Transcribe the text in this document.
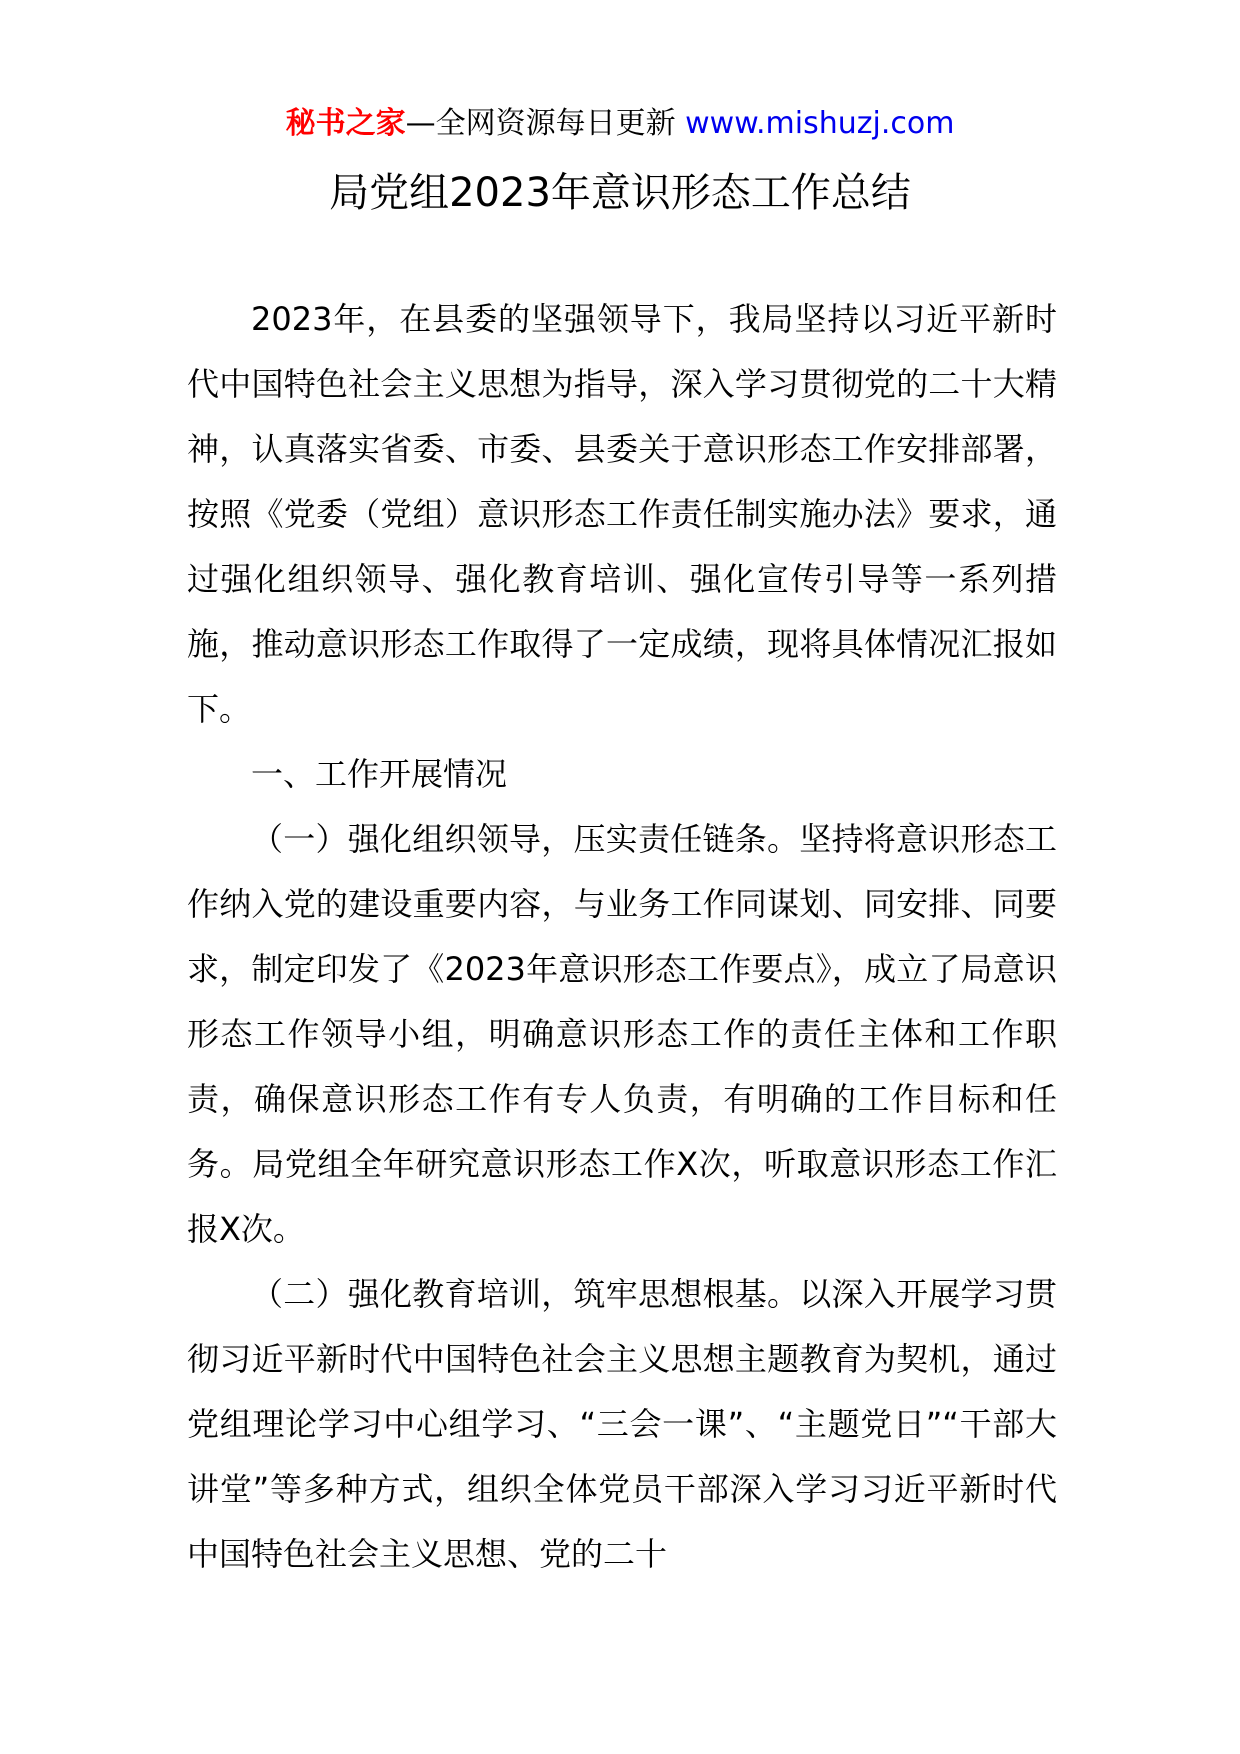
秘书之家—全网资源每日更新 www.mishuzj.com
局党组2023年意识形态工作总结

2023年，在县委的坚强领导下，我局坚持以习近平新时代中国特色社会主义思想为指导，深入学习贯彻党的二十大精神，认真落实省委、市委、县委关于意识形态工作安排部署，按照《党委（党组）意识形态工作责任制实施办法》要求，通过强化组织领导、强化教育培训、强化宣传引导等一系列措施，推动意识形态工作取得了一定成绩，现将具体情况汇报如下。

一、工作开展情况

（一）强化组织领导，压实责任链条。坚持将意识形态工作纳入党的建设重要内容，与业务工作同谋划、同安排、同要求，制定印发了《2023年意识形态工作要点》，成立了局意识形态工作领导小组，明确意识形态工作的责任主体和工作职责，确保意识形态工作有专人负责，有明确的工作目标和任务。局党组全年研究意识形态工作X次，听取意识形态工作汇报X次。

（二）强化教育培训，筑牢思想根基。以深入开展学习贯彻习近平新时代中国特色社会主义思想主题教育为契机，通过党组理论学习中心组学习、“三会一课”、“主题党日”“干部大讲堂”等多种方式，组织全体党员干部深入学习习近平新时代中国特色社会主义思想、党的二十
